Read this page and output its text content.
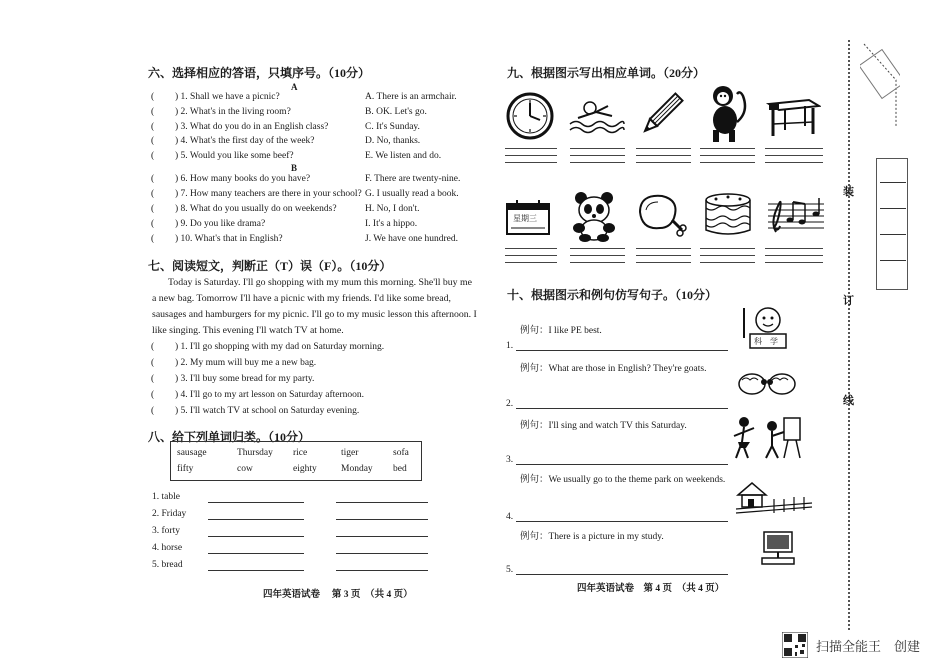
六、选择相应的答语，只填序号。（10分）
A
B
( ) 1. Shall we have a picnic?	A. There is an armchair.
( ) 2. What's in the living room?	B. OK. Let's go.
( ) 3. What do you do in an English class?	C. It's Sunday.
( ) 4. What's the first day of the week?	D. No, thanks.
( ) 5. Would you like some beef?	E. We listen and do.
( ) 6. How many books do you have?	F. There are twenty-nine.
( ) 7. How many teachers are there in your school? G. I usually read a book.
( ) 8. What do you usually do on weekends?	H. No, I don't.
( ) 9. Do you like drama?	I. It's a hippo.
( ) 10. What's that in English?	J. We have one hundred.
七、阅读短文，判断正（T）误（F）。（10分）
Today is Saturday. I'll go shopping with my mum this morning. She'll buy me
a new bag. Tomorrow I'll have a picnic with my friends. I'd like some bread,
sausages and hamburgers for my picnic. I'll go to my music lesson this afternoon. I
like singing. This evening I'll watch TV at home.
( ) 1. I'll go shopping with my dad on Saturday morning.
( ) 2. My mum will buy me a new bag.
( ) 3. I'll buy some bread for my party.
( ) 4. I'll go to my art lesson on Saturday afternoon.
( ) 5. I'll watch TV at school on Saturday evening.
八、给下列单词归类。（10分）
sausage	Thursday rice	tiger	sofa
fifty	cow	eighty	Monday bed
1. table
2. Friday
3. forty
4. horse
5. bread
四年英语试卷　 第 3 页　（共 4 页）
九、根据图示写出相应单词。（20分）
星期三
十、根据图示和例句仿写句子。（10分）
例句：I like PE best.
1.
例句：What are those in English? They're goats.
2.
例句：I'll sing and watch TV this Saturday.
3.
例句：We usually go to the theme park on weekends.
4.
例句：There is a picture in my study.
5.
科　学
四年英语试卷　第 4 页　（共 4 页）
装
订
线
扫描全能王　创建
